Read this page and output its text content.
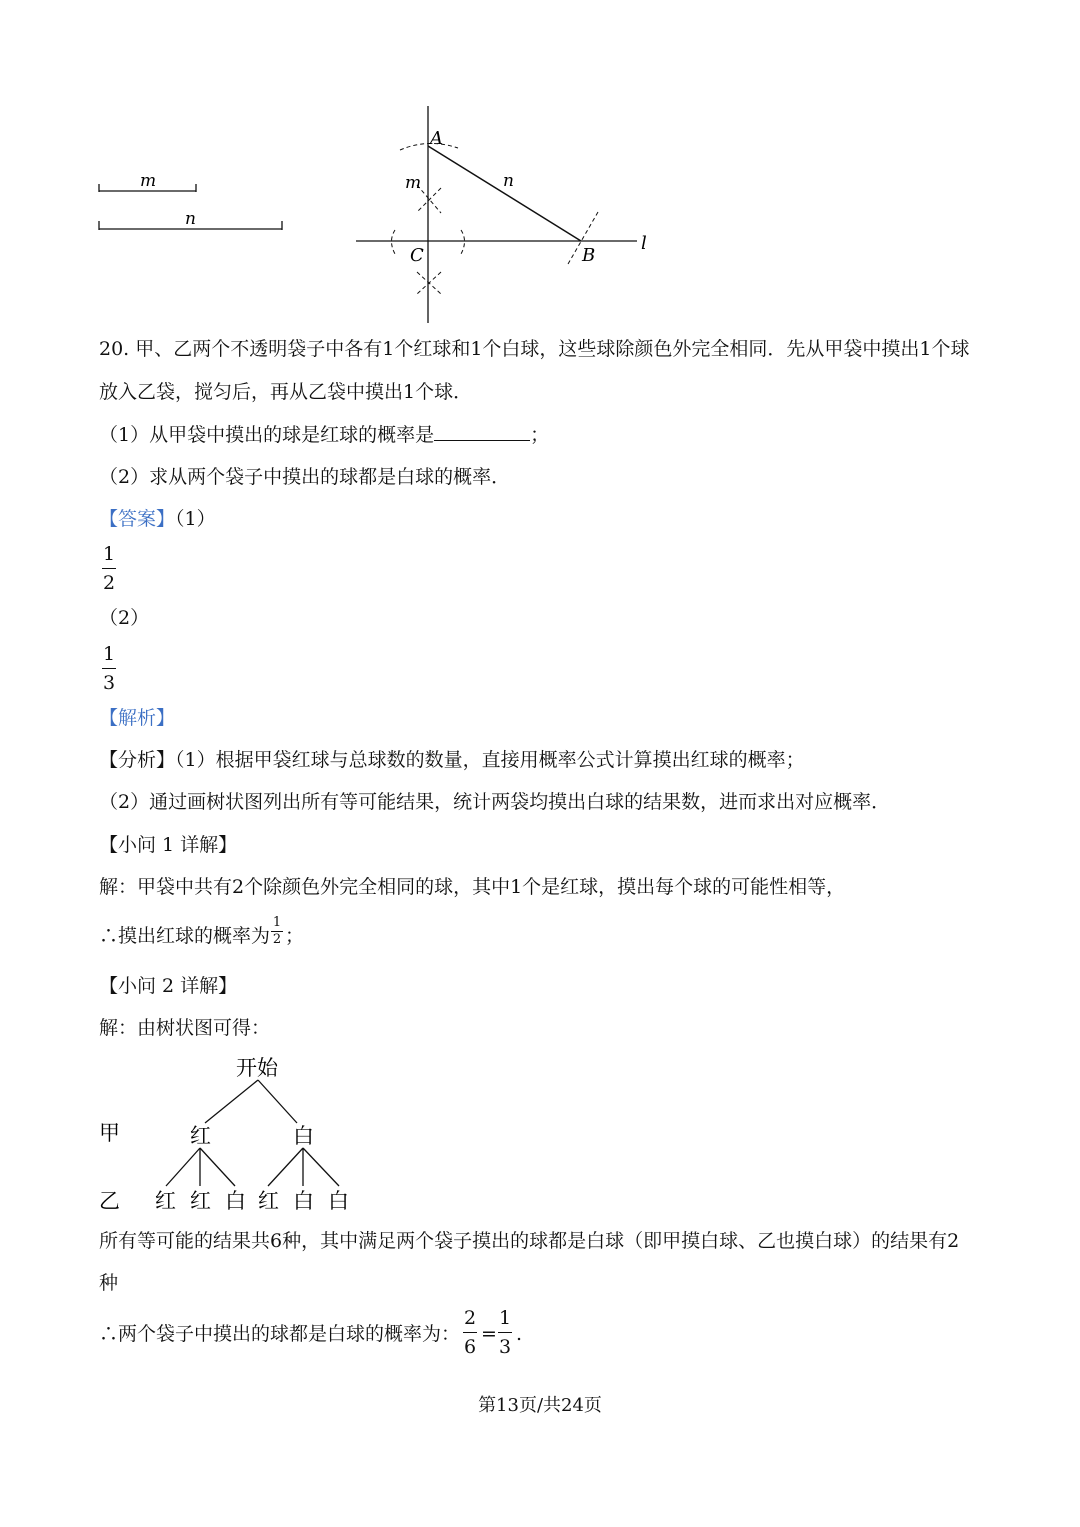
m
n
l
A
B
C
m	n
20. 甲、乙两个不透明袋子中各有1个红球和1个白球，这些球除颜色外完全相同．先从甲袋中摸出1个球
放入乙袋，搅匀后，再从乙袋中摸出1个球．
（1）从甲袋中摸出的球是红球的概率是	；
（2）求从两个袋子中摸出的球都是白球的概率．
【答案】（1）
1
2
（2）
1
3
【解析】
【分析】（1）根据甲袋红球与总球数的数量，直接用概率公式计算摸出红球的概率；
（2）通过画树状图列出所有等可能结果，统计两袋均摸出白球的结果数，进而求出对应概率．
【小问 1 详解】
解：甲袋中共有2个除颜色外完全相同的球，其中1个是红球，摸出每个球的可能性相等，
∴摸出红球的概率为
1
2 ；
【小问 2 详解】
解：由树状图可得：
开始
甲
乙
红	白
红 红 白 红 白 白
所有等可能的结果共6种，其中满足两个袋子摸出的球都是白球（即甲摸白球、乙也摸白球）的结果有2
种
∴两个袋子中摸出的球都是白球的概率为：
2
6
=
1
3
.
第13页/共24页
